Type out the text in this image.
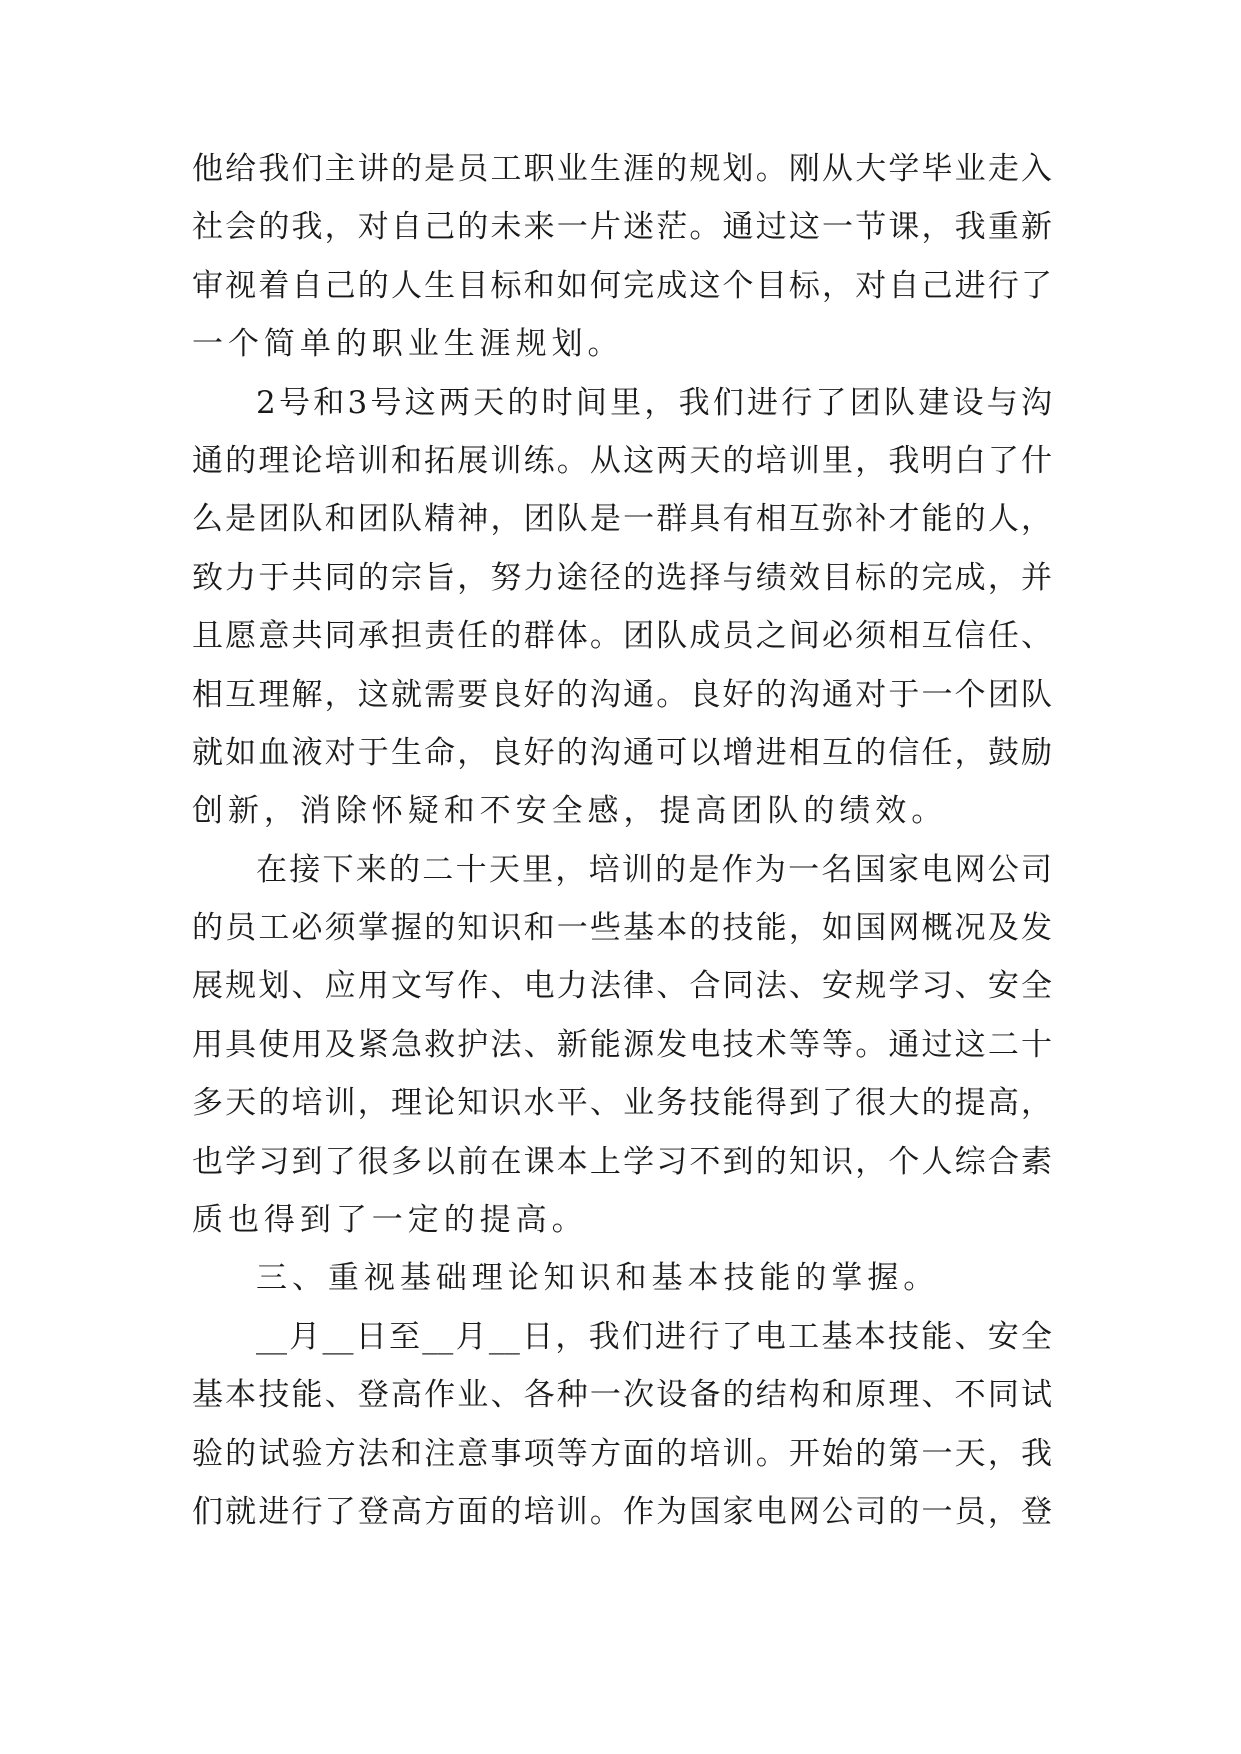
他给我们主讲的是员工职业生涯的规划。刚从大学毕业走入
社会的我，对自己的未来一片迷茫。通过这一节课，我重新
审视着自己的人生目标和如何完成这个目标，对自己进行了
一个简单的职业生涯规划。
2号和3号这两天的时间里，我们进行了团队建设与沟
通的理论培训和拓展训练。从这两天的培训里，我明白了什
么是团队和团队精神，团队是一群具有相互弥补才能的人，
致力于共同的宗旨，努力途径的选择与绩效目标的完成，并
且愿意共同承担责任的群体。团队成员之间必须相互信任、
相互理解，这就需要良好的沟通。良好的沟通对于一个团队
就如血液对于生命，良好的沟通可以增进相互的信任，鼓励
创新，消除怀疑和不安全感，提高团队的绩效。
在接下来的二十天里，培训的是作为一名国家电网公司
的员工必须掌握的知识和一些基本的技能，如国网概况及发
展规划、应用文写作、电力法律、合同法、安规学习、安全
用具使用及紧急救护法、新能源发电技术等等。通过这二十
多天的培训，理论知识水平、业务技能得到了很大的提高，
也学习到了很多以前在课本上学习不到的知识，个人综合素
质也得到了一定的提高。
三、重视基础理论知识和基本技能的掌握。
__月__日至__月__日，我们进行了电工基本技能、安全
基本技能、登高作业、各种一次设备的结构和原理、不同试
验的试验方法和注意事项等方面的培训。开始的第一天，我
们就进行了登高方面的培训。作为国家电网公司的一员，登
